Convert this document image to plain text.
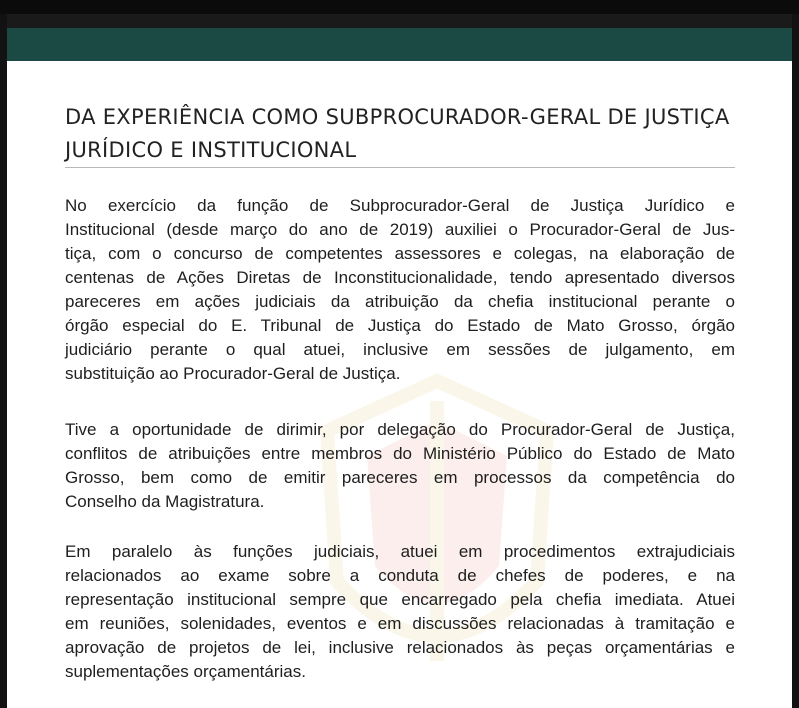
DA EXPERIÊNCIA COMO SUBPROCURADOR-GERAL DE JUSTIÇA
JURÍDICO E INSTITUCIONAL

No exercício da função de Subprocurador-Geral de Justiça Jurídico e
Institucional (desde março do ano de 2019) auxiliei o Procurador-Geral de Jus-
tiça, com o concurso de competentes assessores e colegas, na elaboração de
centenas de Ações Diretas de Inconstitucionalidade, tendo apresentado diversos
pareceres em ações judiciais da atribuição da chefia institucional perante o
órgão especial do E. Tribunal de Justiça do Estado de Mato Grosso, órgão
judiciário perante o qual atuei, inclusive em sessões de julgamento, em
substituição ao Procurador-Geral de Justiça.

Tive a oportunidade de dirimir, por delegação do Procurador-Geral de Justiça,
conflitos de atribuições entre membros do Ministério Público do Estado de Mato
Grosso, bem como de emitir pareceres em processos da competência do
Conselho da Magistratura.

Em paralelo às funções judiciais, atuei em procedimentos extrajudiciais
relacionados ao exame sobre a conduta de chefes de poderes, e na
representação institucional sempre que encarregado pela chefia imediata. Atuei
em reuniões, solenidades, eventos e em discussões relacionadas à tramitação e
aprovação de projetos de lei, inclusive relacionados às peças orçamentárias e
suplementações orçamentárias.
